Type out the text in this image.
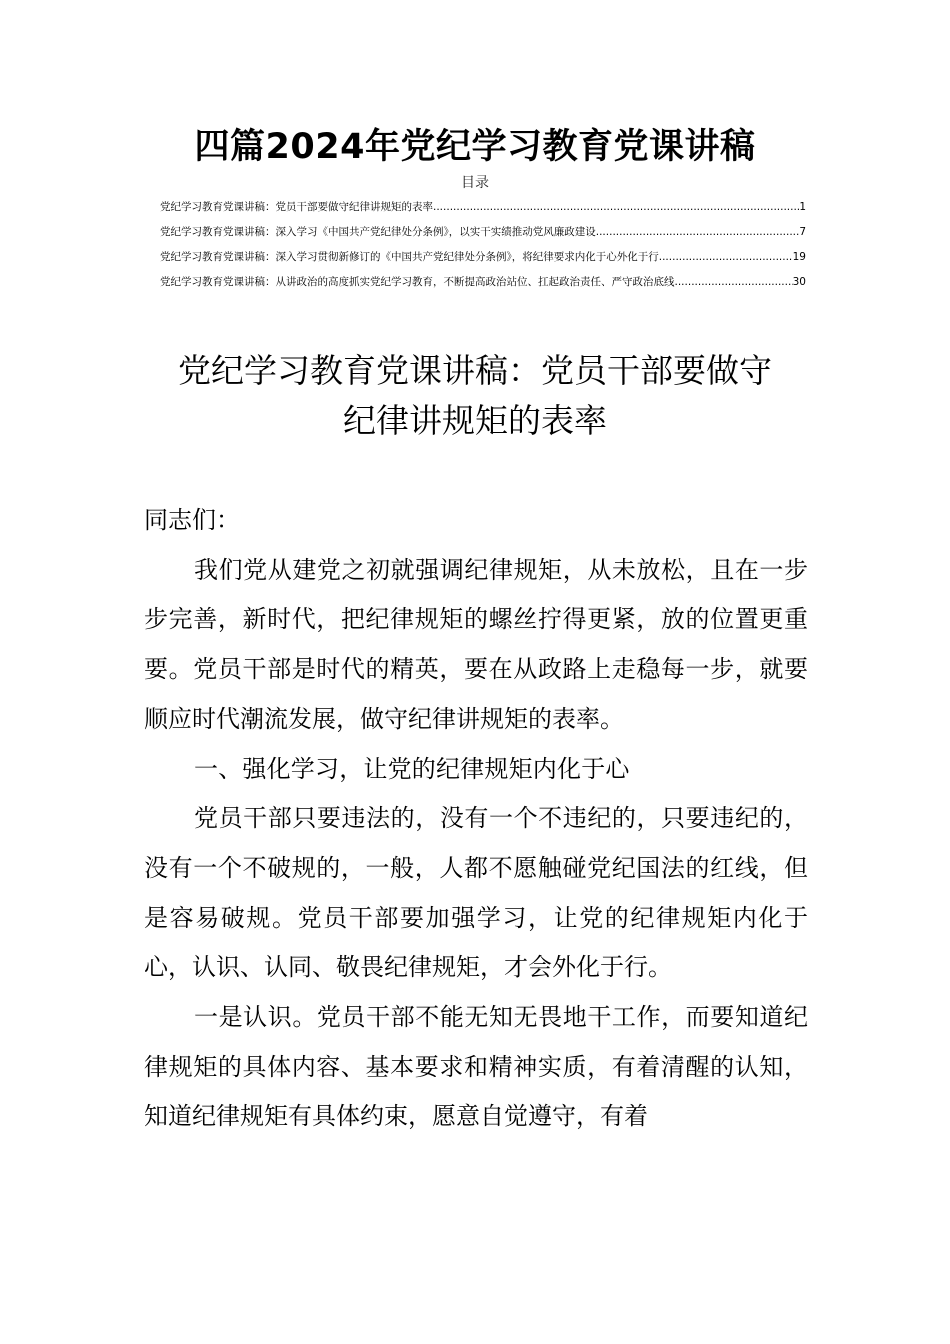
四篇2024年党纪学习教育党课讲稿
目录
党纪学习教育党课讲稿：党员干部要做守纪律讲规矩的表率 .....	1
党纪学习教育党课讲稿：深入学习《中国共产党纪律处分条例》，以实干实绩推动党风廉政建设 .....	7
党纪学习教育党课讲稿：深入学习贯彻新修订的《中国共产党纪律处分条例》，将纪律要求内化于心外化于行 .....	19
党纪学习教育党课讲稿：从讲政治的高度抓实党纪学习教育，不断提高政治站位、扛起政治责任、严守政治底线 .....	30
党纪学习教育党课讲稿：党员干部要做守
纪律讲规矩的表率

同志们：

我们党从建党之初就强调纪律规矩，从未放松，且在一步步完善，新时代，把纪律规矩的螺丝拧得更紧，放的位置更重要。党员干部是时代的精英，要在从政路上走稳每一步，就要顺应时代潮流发展，做守纪律讲规矩的表率。

一、强化学习，让党的纪律规矩内化于心

党员干部只要违法的，没有一个不违纪的，只要违纪的，没有一个不破规的，一般，人都不愿触碰党纪国法的红线，但是容易破规。党员干部要加强学习，让党的纪律规矩内化于心，认识、认同、敬畏纪律规矩，才会外化于行。

一是认识。党员干部不能无知无畏地干工作，而要知道纪律规矩的具体内容、基本要求和精神实质，有着清醒的认知，知道纪律规矩有具体约束，愿意自觉遵守，有着
